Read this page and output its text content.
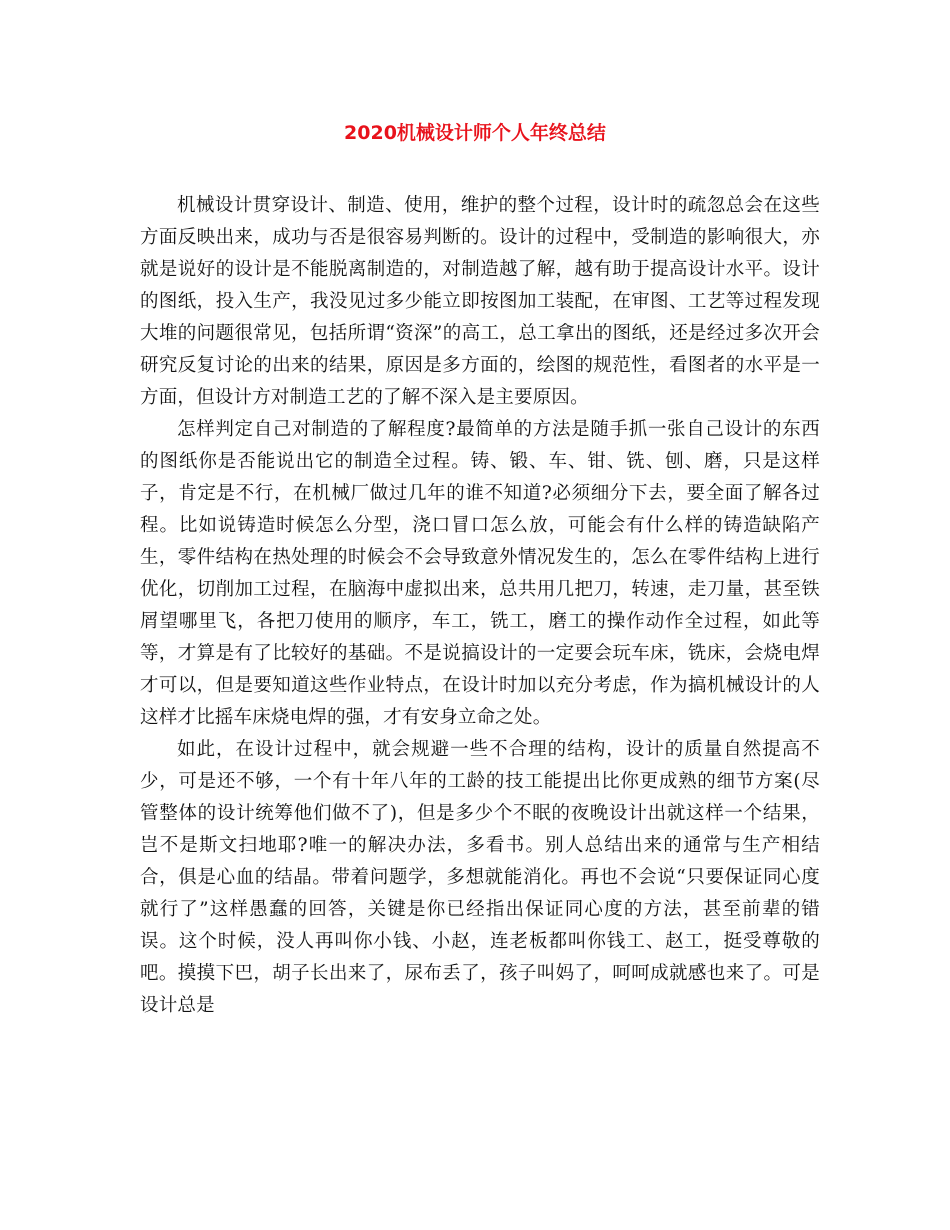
2020机械设计师个人年终总结

机械设计贯穿设计、制造、使用，维护的整个过程，设计时的疏忽总会在这些方面反映出来，成功与否是很容易判断的。设计的过程中，受制造的影响很大，亦就是说好的设计是不能脱离制造的，对制造越了解，越有助于提高设计水平。设计的图纸，投入生产，我没见过多少能立即按图加工装配，在审图、工艺等过程发现大堆的问题很常见，包括所谓“资深”的高工，总工拿出的图纸，还是经过多次开会研究反复讨论的出来的结果，原因是多方面的，绘图的规范性，看图者的水平是一方面，但设计方对制造工艺的了解不深入是主要原因。

怎样判定自己对制造的了解程度?最简单的方法是随手抓一张自己设计的东西的图纸你是否能说出它的制造全过程。铸、锻、车、钳、铣、刨、磨，只是这样子，肯定是不行，在机械厂做过几年的谁不知道?必须细分下去，要全面了解各过程。比如说铸造时候怎么分型，浇口冒口怎么放，可能会有什么样的铸造缺陷产生，零件结构在热处理的时候会不会导致意外情况发生的，怎么在零件结构上进行优化，切削加工过程，在脑海中虚拟出来，总共用几把刀，转速，走刀量，甚至铁屑望哪里飞，各把刀使用的顺序，车工，铣工，磨工的操作动作全过程，如此等等，才算是有了比较好的基础。不是说搞设计的一定要会玩车床，铣床，会烧电焊才可以，但是要知道这些作业特点，在设计时加以充分考虑，作为搞机械设计的人这样才比摇车床烧电焊的强，才有安身立命之处。

如此，在设计过程中，就会规避一些不合理的结构，设计的质量自然提高不少，可是还不够，一个有十年八年的工龄的技工能提出比你更成熟的细节方案(尽管整体的设计统筹他们做不了)，但是多少个不眠的夜晚设计出就这样一个结果，岂不是斯文扫地耶?唯一的解决办法，多看书。别人总结出来的通常与生产相结合，俱是心血的结晶。带着问题学，多想就能消化。再也不会说“只要保证同心度就行了”这样愚蠢的回答，关键是你已经指出保证同心度的方法，甚至前辈的错误。这个时候，没人再叫你小钱、小赵，连老板都叫你钱工、赵工，挺受尊敬的吧。摸摸下巴，胡子长出来了，尿布丢了，孩子叫妈了，呵呵成就感也来了。可是设计总是
